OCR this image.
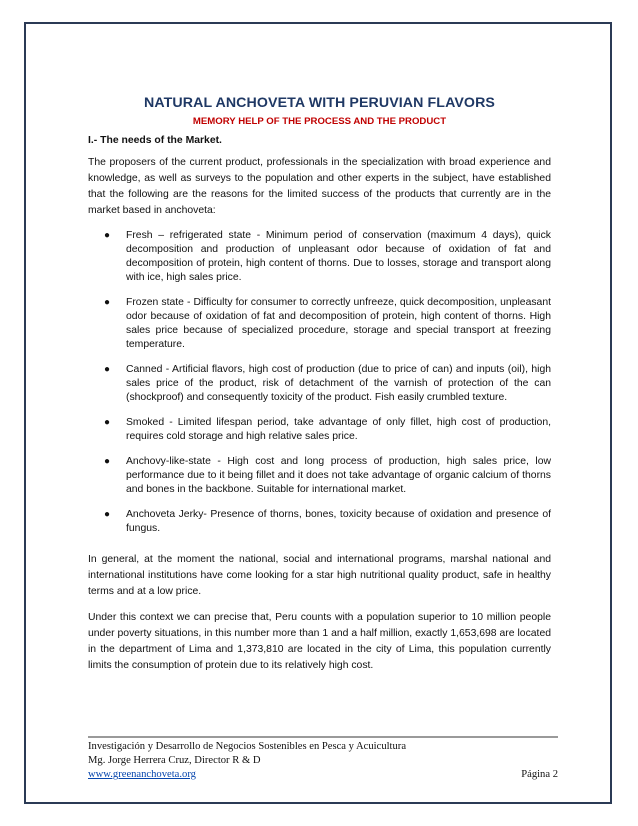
NATURAL ANCHOVETA WITH PERUVIAN FLAVORS
MEMORY HELP OF THE PROCESS AND THE PRODUCT
I.- The needs of the Market.

The proposers of the current product, professionals in the specialization with broad experience and knowledge, as well as surveys to the population and other experts in the subject, have established that the following are the reasons for the limited success of the products that currently are in the market based in anchoveta:

● Fresh – refrigerated state - Minimum period of conservation (maximum 4 days), quick decomposition and production of unpleasant odor because of oxidation of fat and decomposition of protein, high content of thorns. Due to losses, storage and transport along with ice, high sales price.
● Frozen state - Difficulty for consumer to correctly unfreeze, quick decomposition, unpleasant odor because of oxidation of fat and decomposition of protein, high content of thorns. High sales price because of specialized procedure, storage and special transport at freezing temperature.
● Canned - Artificial flavors, high cost of production (due to price of can) and inputs (oil), high sales price of the product, risk of detachment of the varnish of protection of the can (shockproof) and consequently toxicity of the product. Fish easily crumbled texture.
● Smoked - Limited lifespan period, take advantage of only fillet, high cost of production, requires cold storage and high relative sales price.
● Anchovy-like-state - High cost and long process of production, high sales price, low performance due to it being fillet and it does not take advantage of organic calcium of thorns and bones in the backbone. Suitable for international market.
● Anchoveta Jerky- Presence of thorns, bones, toxicity because of oxidation and presence of fungus.

In general, at the moment the national, social and international programs, marshal national and international institutions have come looking for a star high nutritional quality product, safe in healthy terms and at a low price.

Under this context we can precise that, Peru counts with a population superior to 10 million people under poverty situations, in this number more than 1 and a half million, exactly 1,653,698 are located in the department of Lima and 1,373,810 are located in the city of Lima, this population currently limits the consumption of protein due to its relatively high cost.

Investigación y Desarrollo de Negocios Sostenibles en Pesca y Acuicultura
Mg. Jorge Herrera Cruz, Director R & D
www.greenanchoveta.org	Página 2
